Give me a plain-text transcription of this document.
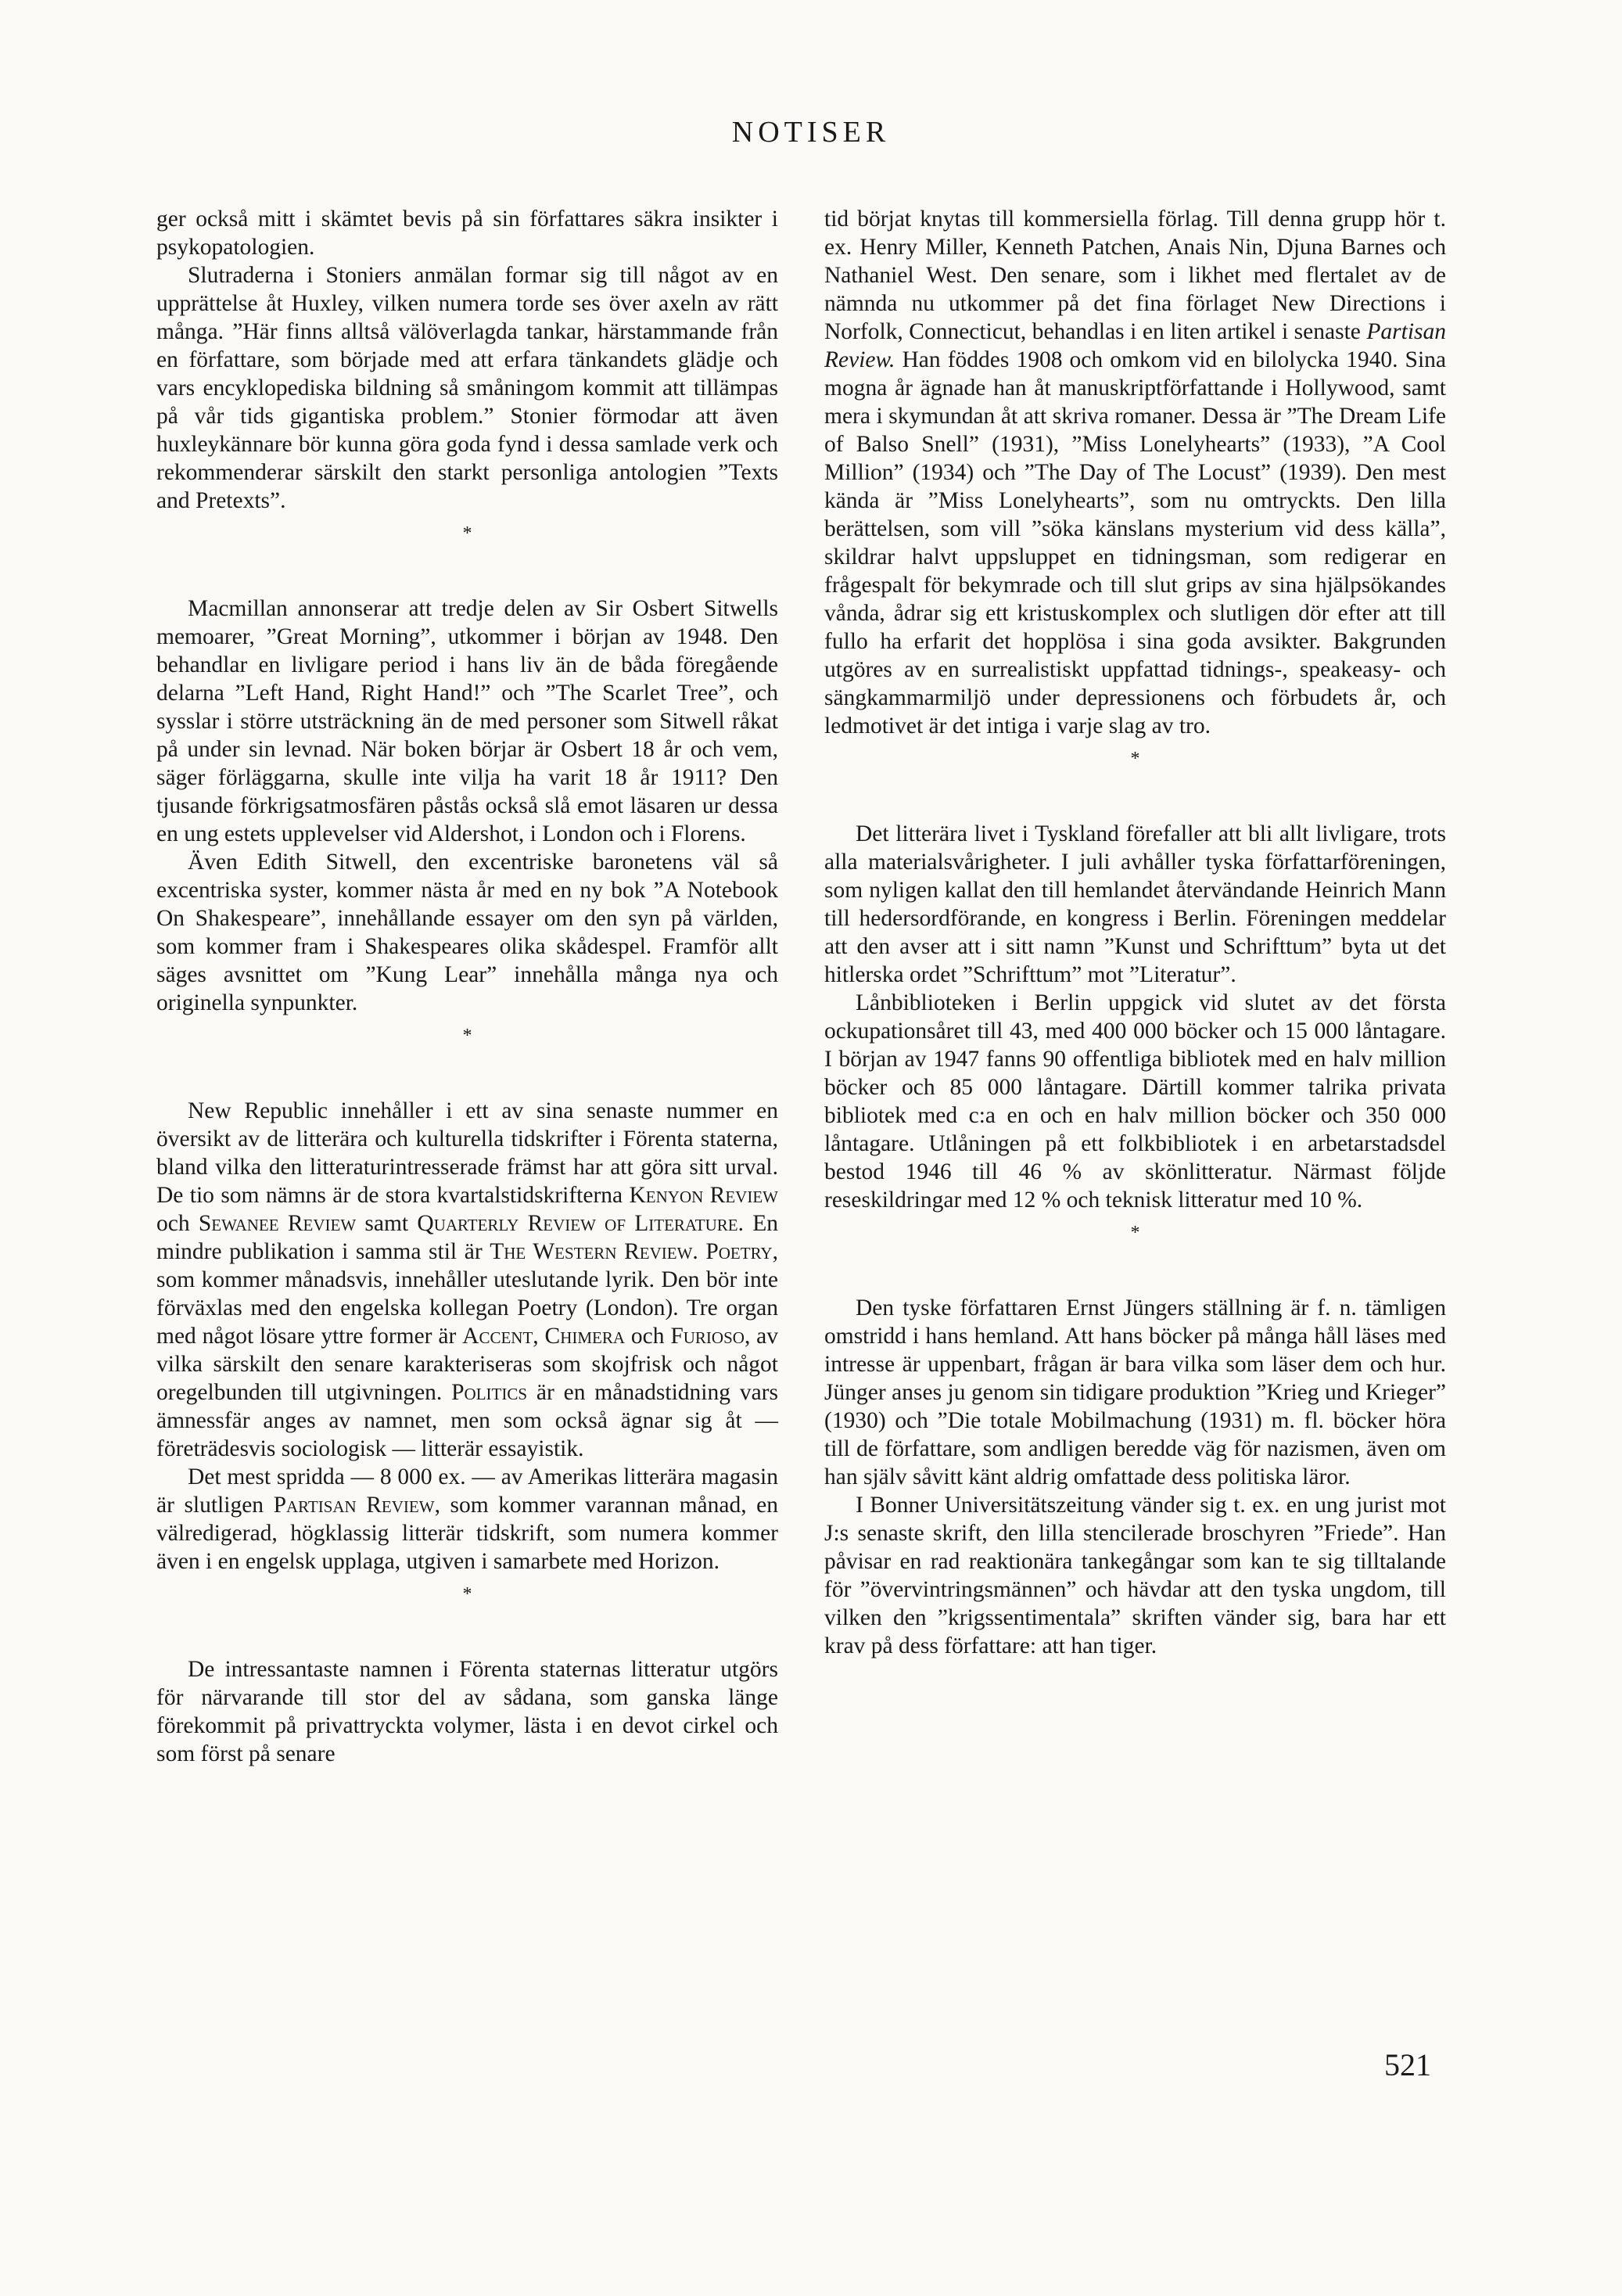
NOTISER

ger också mitt i skämtet bevis på sin författares säkra insikter i psykopatologien.

Slutraderna i Stoniers anmälan formar sig till något av en upprättelse åt Huxley, vilken numera torde ses över axeln av rätt många. ”Här finns alltså välöverlagda tankar, härstammande från en författare, som började med att erfara tänkandets glädje och vars encyklopediska bildning så småningom kommit att tillämpas på vår tids gigantiska problem.” Stonier förmodar att även huxleykännare bör kunna göra goda fynd i dessa samlade verk och rekommenderar särskilt den starkt personliga antologien ”Texts and Pretexts”.

*

Macmillan annonserar att tredje delen av Sir Osbert Sitwells memoarer, ”Great Morning”, utkommer i början av 1948. Den behandlar en livligare period i hans liv än de båda föregående delarna ”Left Hand, Right Hand!” och ”The Scarlet Tree”, och sysslar i större utsträckning än de med personer som Sitwell råkat på under sin levnad. När boken börjar är Osbert 18 år och vem, säger förläggarna, skulle inte vilja ha varit 18 år 1911? Den tjusande förkrigsatmosfären påstås också slå emot läsaren ur dessa en ung estets upplevelser vid Aldershot, i London och i Florens.

Även Edith Sitwell, den excentriske baronetens väl så excentriska syster, kommer nästa år med en ny bok ”A Notebook On Shakespeare”, innehållande essayer om den syn på världen, som kommer fram i Shakespeares olika skådespel. Framför allt säges avsnittet om ”Kung Lear” innehålla många nya och originella synpunkter.

*

New Republic innehåller i ett av sina senaste nummer en översikt av de litterära och kulturella tidskrifter i Förenta staterna, bland vilka den litteraturintresserade främst har att göra sitt urval. De tio som nämns är de stora kvartalstidskrifterna Kenyon Review och Sewanee Review samt Quarterly Review of Literature. En mindre publikation i samma stil är The Western Review. Poetry, som kommer månadsvis, innehåller uteslutande lyrik. Den bör inte förväxlas med den engelska kollegan Poetry (London). Tre organ med något lösare yttre former är Accent, Chimera och Furioso, av vilka särskilt den senare karakteriseras som skojfrisk och något oregelbunden till utgivningen. Politics är en månadstidning vars ämnessfär anges av namnet, men som också ägnar sig åt — företrädesvis sociologisk — litterär essayistik.

Det mest spridda — 8 000 ex. — av Amerikas litterära magasin är slutligen Partisan Review, som kommer varannan månad, en välredigerad, högklassig litterär tidskrift, som numera kommer även i en engelsk upplaga, utgiven i samarbete med Horizon.

*

De intressantaste namnen i Förenta staternas litteratur utgörs för närvarande till stor del av sådana, som ganska länge förekommit på privattryckta volymer, lästa i en devot cirkel och som först på senare

tid börjat knytas till kommersiella förlag. Till denna grupp hör t. ex. Henry Miller, Kenneth Patchen, Anais Nin, Djuna Barnes och Nathaniel West. Den senare, som i likhet med flertalet av de nämnda nu utkommer på det fina förlaget New Directions i Norfolk, Connecticut, behandlas i en liten artikel i senaste Partisan Review. Han föddes 1908 och omkom vid en bilolycka 1940. Sina mogna år ägnade han åt manuskriptförfattande i Hollywood, samt mera i skymundan åt att skriva romaner. Dessa är ”The Dream Life of Balso Snell” (1931), ”Miss Lonelyhearts” (1933), ”A Cool Million” (1934) och ”The Day of The Locust” (1939). Den mest kända är ”Miss Lonelyhearts”, som nu omtryckts. Den lilla berättelsen, som vill ”söka känslans mysterium vid dess källa”, skildrar halvt uppsluppet en tidningsman, som redigerar en frågespalt för bekymrade och till slut grips av sina hjälpsökandes vånda, ådrar sig ett kristuskomplex och slutligen dör efter att till fullo ha erfarit det hopplösa i sina goda avsikter. Bakgrunden utgöres av en surrealistiskt uppfattad tidnings-, speakeasy- och sängkammarmiljö under depressionens och förbudets år, och ledmotivet är det intiga i varje slag av tro.

*

Det litterära livet i Tyskland förefaller att bli allt livligare, trots alla materialsvårigheter. I juli avhåller tyska författarföreningen, som nyligen kallat den till hemlandet återvändande Heinrich Mann till hedersordförande, en kongress i Berlin. Föreningen meddelar att den avser att i sitt namn ”Kunst und Schrifttum” byta ut det hitlerska ordet ”Schrifttum” mot ”Literatur”.

Lånbiblioteken i Berlin uppgick vid slutet av det första ockupationsåret till 43, med 400 000 böcker och 15 000 låntagare. I början av 1947 fanns 90 offentliga bibliotek med en halv million böcker och 85 000 låntagare. Därtill kommer talrika privata bibliotek med c:a en och en halv million böcker och 350 000 låntagare. Utlåningen på ett folkbibliotek i en arbetarstadsdel bestod 1946 till 46 % av skönlitteratur. Närmast följde reseskildringar med 12 % och teknisk litteratur med 10 %.

*

Den tyske författaren Ernst Jüngers ställning är f. n. tämligen omstridd i hans hemland. Att hans böcker på många håll läses med intresse är uppenbart, frågan är bara vilka som läser dem och hur. Jünger anses ju genom sin tidigare produktion ”Krieg und Krieger” (1930) och ”Die totale Mobilmachung (1931) m. fl. böcker höra till de författare, som andligen beredde väg för nazismen, även om han själv såvitt känt aldrig omfattade dess politiska läror.

I Bonner Universitätszeitung vänder sig t. ex. en ung jurist mot J:s senaste skrift, den lilla stencilerade broschyren ”Friede”. Han påvisar en rad reaktionära tankegångar som kan te sig tilltalande för ”övervintringsmännen” och hävdar att den tyska ungdom, till vilken den ”krigssentimentala” skriften vänder sig, bara har ett krav på dess författare: att han tiger.

521
